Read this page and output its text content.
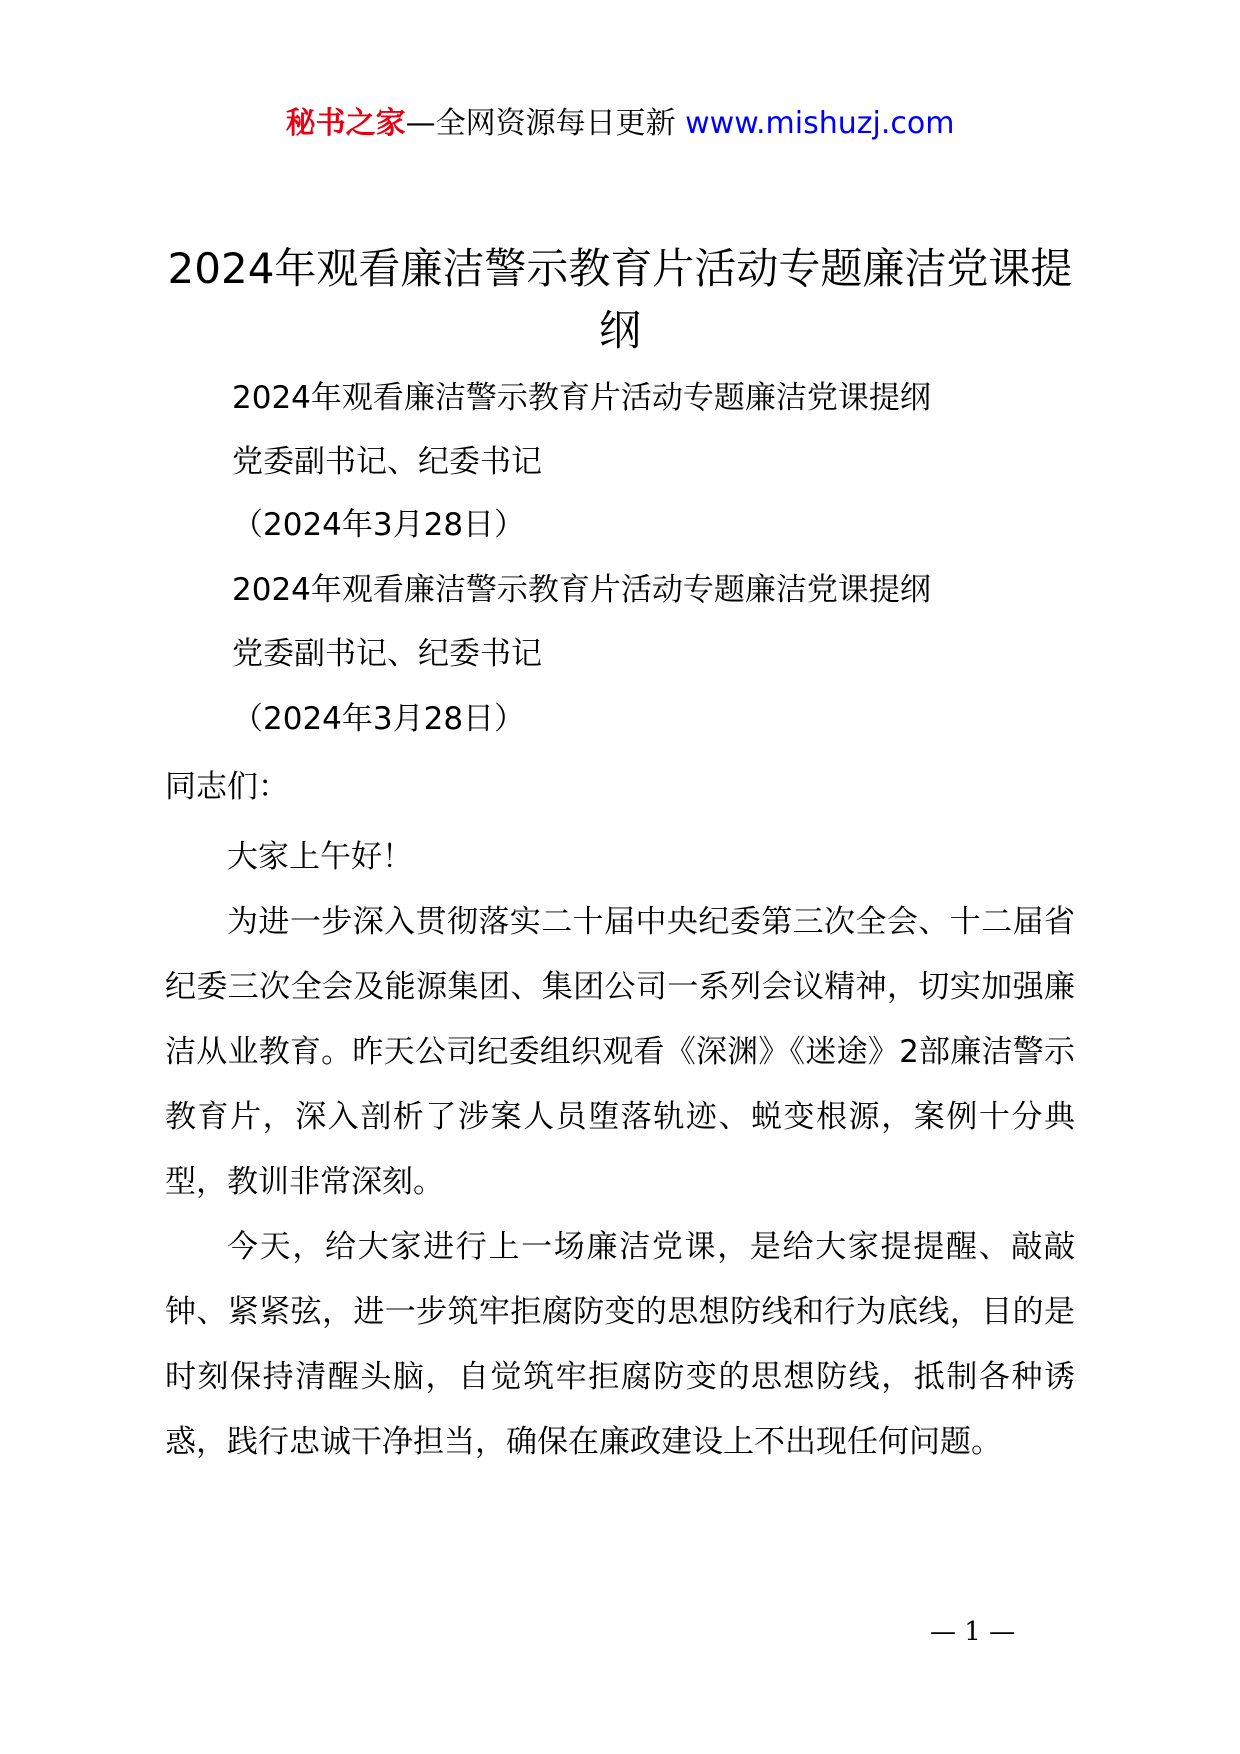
秘书之家—全网资源每日更新 www.mishuzj.com
2024年观看廉洁警示教育片活动专题廉洁党课提纲
2024年观看廉洁警示教育片活动专题廉洁党课提纲
党委副书记、纪委书记
（2024年3月28日）
2024年观看廉洁警示教育片活动专题廉洁党课提纲
党委副书记、纪委书记
（2024年3月28日）
同志们：

大家上午好！

为进一步深入贯彻落实二十届中央纪委第三次全会、十二届省纪委三次全会及能源集团、集团公司一系列会议精神，切实加强廉洁从业教育。昨天公司纪委组织观看《深渊》《迷途》2部廉洁警示教育片，深入剖析了涉案人员堕落轨迹、蜕变根源，案例十分典型，教训非常深刻。

今天，给大家进行上一场廉洁党课，是给大家提提醒、敲敲钟、紧紧弦，进一步筑牢拒腐防变的思想防线和行为底线，目的是时刻保持清醒头脑，自觉筑牢拒腐防变的思想防线，抵制各种诱惑，践行忠诚干净担当，确保在廉政建设上不出现任何问题。

— 1 —
